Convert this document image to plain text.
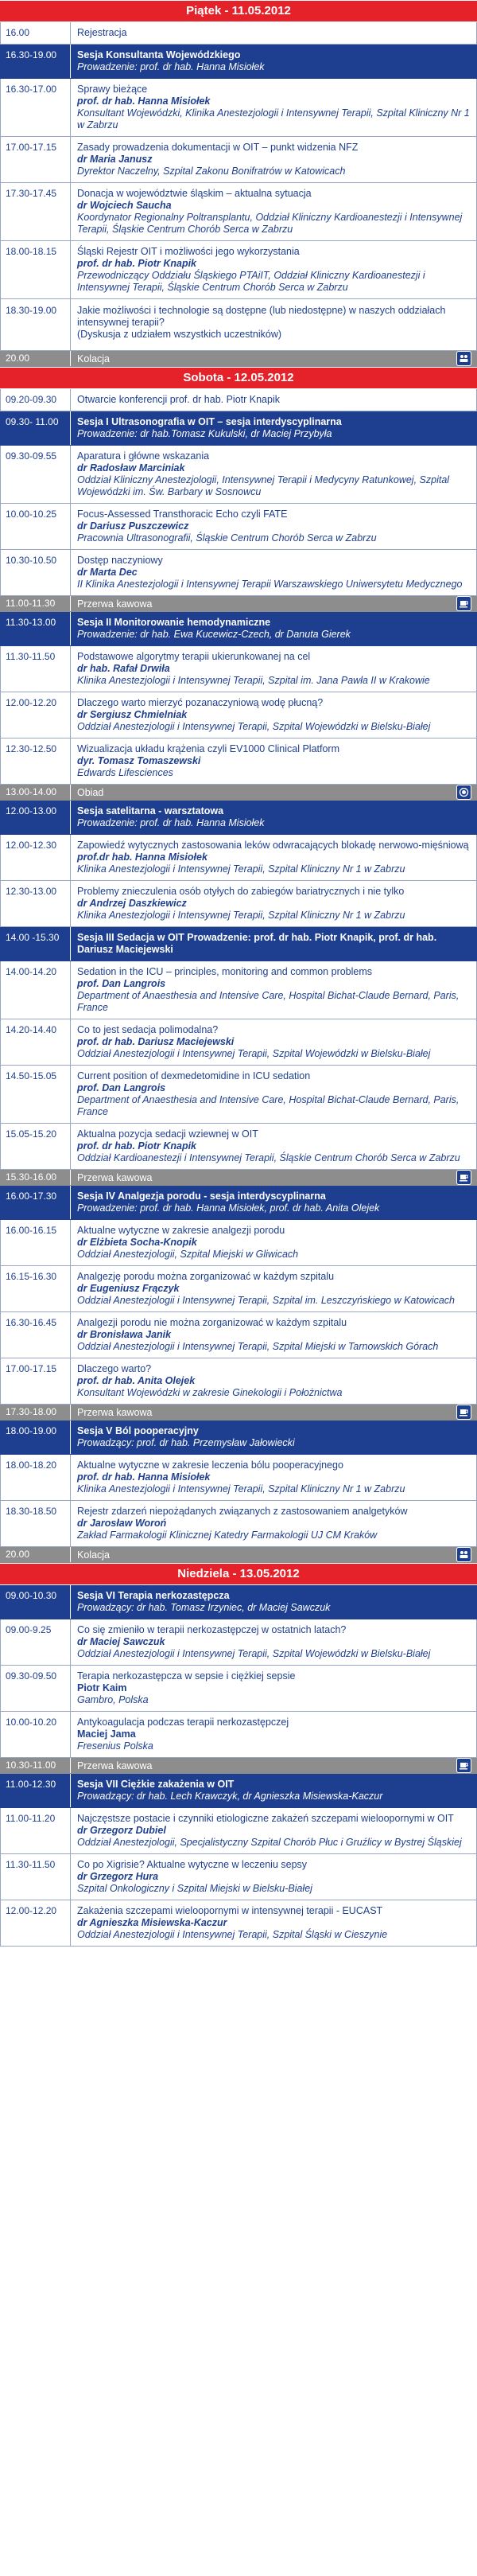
Piątek - 11.05.2012
16.00	Rejestracja
16.30-19.00	Sesja Konsultanta Wojewódzkiego
Prowadzenie: prof. dr hab. Hanna Misiołek
16.30-17.00	Sprawy bieżące
prof. dr hab. Hanna Misiołek
Konsultant Wojewódzki, Klinika Anestezjologii i Intensywnej Terapii, Szpital Kliniczny Nr 1 w Zabrzu
17.00-17.15	Zasady prowadzenia dokumentacji w OIT – punkt widzenia NFZ
dr Maria Janusz
Dyrektor Naczelny, Szpital Zakonu Bonifratrów w Katowicach
17.30-17.45	Donacja w województwie śląskim – aktualna sytuacja
dr Wojciech Saucha
Koordynator Regionalny Poltransplantu, Oddział Kliniczny Kardioanestezji i Intensywnej Terapii, Śląskie Centrum Chorób Serca w Zabrzu
18.00-18.15	Śląski Rejestr OIT i możliwości jego wykorzystania
prof. dr hab. Piotr Knapik
Przewodniczący Oddziału Śląskiego PTAiIT, Oddział Kliniczny Kardioanestezji i Intensywnej Terapii, Śląskie Centrum Chorób Serca w Zabrzu
18.30-19.00	Jakie możliwości i technologie są dostępne (lub niedostępne) w naszych oddziałach intensywnej terapii?
(Dyskusja z udziałem wszystkich uczestników)
20.00	Kolacja
Sobota - 12.05.2012
09.20-09.30	Otwarcie konferencji prof. dr hab. Piotr Knapik
09.30- 11.00	Sesja I Ultrasonografia w OIT – sesja interdyscyplinarna
Prowadzenie: dr hab.Tomasz Kukulski, dr Maciej Przybyła
09.30-09.55	Aparatura i główne wskazania
dr Radosław Marciniak
Oddział Kliniczny Anestezjologii, Intensywnej Terapii i Medycyny Ratunkowej, Szpital Wojewódzki im. Św. Barbary w Sosnowcu
10.00-10.25	Focus-Assessed Transthoracic Echo czyli FATE
dr Dariusz Puszczewicz
Pracownia Ultrasonografii, Śląskie Centrum Chorób Serca w Zabrzu
10.30-10.50	Dostęp naczyniowy
dr Marta Dec
II Klinika Anestezjologii i Intensywnej Terapii Warszawskiego Uniwersytetu Medycznego
11.00-11.30	Przerwa kawowa
11.30-13.00	Sesja II Monitorowanie hemodynamiczne
Prowadzenie: dr hab. Ewa Kucewicz-Czech, dr Danuta Gierek
11.30-11.50	Podstawowe algorytmy terapii ukierunkowanej na cel
dr hab. Rafał Drwiła
Klinika Anestezjologii i Intensywnej Terapii, Szpital im. Jana Pawła II w Krakowie
12.00-12.20	Dlaczego warto mierzyć pozanaczyniową wodę płucną?
dr Sergiusz Chmielniak
Oddział Anestezjologii i Intensywnej Terapii, Szpital Wojewódzki w Bielsku-Białej
12.30-12.50	Wizualizacja układu krążenia czyli EV1000 Clinical Platform
dyr. Tomasz Tomaszewski
Edwards Lifesciences
13.00-14.00	Obiad
12.00-13.00	Sesja satelitarna - warsztatowa
Prowadzenie: prof. dr hab. Hanna Misiołek
12.00-12.30	Zapowiedź wytycznych zastosowania leków odwracających blokadę nerwowo-mięśniową
prof.dr hab. Hanna Misiołek
Klinika Anestezjologii i Intensywnej Terapii, Szpital Kliniczny Nr 1 w Zabrzu
12.30-13.00	Problemy znieczulenia osób otyłych do zabiegów bariatrycznych i nie tylko
dr Andrzej Daszkiewicz
Klinika Anestezjologii i Intensywnej Terapii, Szpital Kliniczny Nr 1 w Zabrzu
14.00 -15.30	Sesja III Sedacja w OIT Prowadzenie: prof. dr hab. Piotr Knapik, prof. dr hab. Dariusz Maciejewski
14.00-14.20	Sedation in the ICU – principles, monitoring and common problems
prof. Dan Langrois
Department of Anaesthesia and Intensive Care, Hospital Bichat-Claude Bernard, Paris, France
14.20-14.40	Co to jest sedacja polimodalna?
prof. dr hab. Dariusz Maciejewski
Oddział Anestezjologii i Intensywnej Terapii, Szpital Wojewódzki w Bielsku-Białej
14.50-15.05	Current position of dexmedetomidine in ICU sedation
prof. Dan Langrois
Department of Anaesthesia and Intensive Care, Hospital Bichat-Claude Bernard, Paris, France
15.05-15.20	Aktualna pozycja sedacji wziewnej w OIT
prof. dr hab. Piotr Knapik
Oddział Kardioanestezji i Intensywnej Terapii, Śląskie Centrum Chorób Serca w Zabrzu
15.30-16.00	Przerwa kawowa
16.00-17.30	Sesja IV Analgezja porodu - sesja interdyscyplinarna
Prowadzenie: prof. dr hab. Hanna Misiołek, prof. dr hab. Anita Olejek
16.00-16.15	Aktualne wytyczne w zakresie analgezji porodu
dr Elżbieta Socha-Knopik
Oddział Anestezjologii, Szpital Miejski w Gliwicach
16.15-16.30	Analgezję porodu można zorganizować w każdym szpitalu
dr Eugeniusz Frączyk
Oddział Anestezjologii i Intensywnej Terapii, Szpital im. Leszczyńskiego w Katowicach
16.30-16.45	Analgezji porodu nie można zorganizować w każdym szpitalu
dr Bronisława Janik
Oddział Anestezjologii i Intensywnej Terapii, Szpital Miejski w Tarnowskich Górach
17.00-17.15	Dlaczego warto?
prof. dr hab. Anita Olejek
Konsultant Wojewódzki w zakresie Ginekologii i Położnictwa
17.30-18.00	Przerwa kawowa
18.00-19.00	Sesja V Ból pooperacyjny
Prowadzący: prof. dr hab. Przemysław Jałowiecki
18.00-18.20	Aktualne wytyczne w zakresie leczenia bólu pooperacyjnego
prof. dr hab. Hanna Misiołek
Klinika Anestezjologii i Intensywnej Terapii, Szpital Kliniczny Nr 1 w Zabrzu
18.30-18.50	Rejestr zdarzeń niepożądanych związanych z zastosowaniem analgetyków
dr Jarosław Woroń
Zakład Farmakologii Klinicznej Katedry Farmakologii UJ CM Kraków
20.00	Kolacja
Niedziela - 13.05.2012
09.00-10.30	Sesja VI Terapia nerkozastępcza
Prowadzący: dr hab. Tomasz Irzyniec, dr Maciej Sawczuk
09.00-9.25	Co się zmieniło w terapii nerkozastępczej w ostatnich latach?
dr Maciej Sawczuk
Oddział Anestezjologii i Intensywnej Terapii, Szpital Wojewódzki w Bielsku-Białej
09.30-09.50	Terapia nerkozastępcza w sepsie i ciężkiej sepsie
Piotr Kaim
Gambro, Polska
10.00-10.20	Antykoagulacja podczas terapii nerkozastępczej
Maciej Jama
Fresenius Polska
10.30-11.00	Przerwa kawowa
11.00-12.30	Sesja VII Ciężkie zakażenia w OIT
Prowadzący: dr hab. Lech Krawczyk, dr Agnieszka Misiewska-Kaczur
11.00-11.20	Najczęstsze postacie i czynniki etiologiczne zakażeń szczepami wieloopornymi w OIT
dr Grzegorz Dubiel
Oddział Anestezjologii, Specjalistyczny Szpital Chorób Płuc i Gruźlicy w Bystrej Śląskiej
11.30-11.50	Co po Xigrisie? Aktualne wytyczne w leczeniu sepsy
dr Grzegorz Hura
Szpital Onkologiczny i Szpital Miejski w Bielsku-Białej
12.00-12.20	Zakażenia szczepami wieloopornymi w intensywnej terapii - EUCAST
dr Agnieszka Misiewska-Kaczur
Oddział Anestezjologii i Intensywnej Terapii, Szpital Śląski w Cieszynie
